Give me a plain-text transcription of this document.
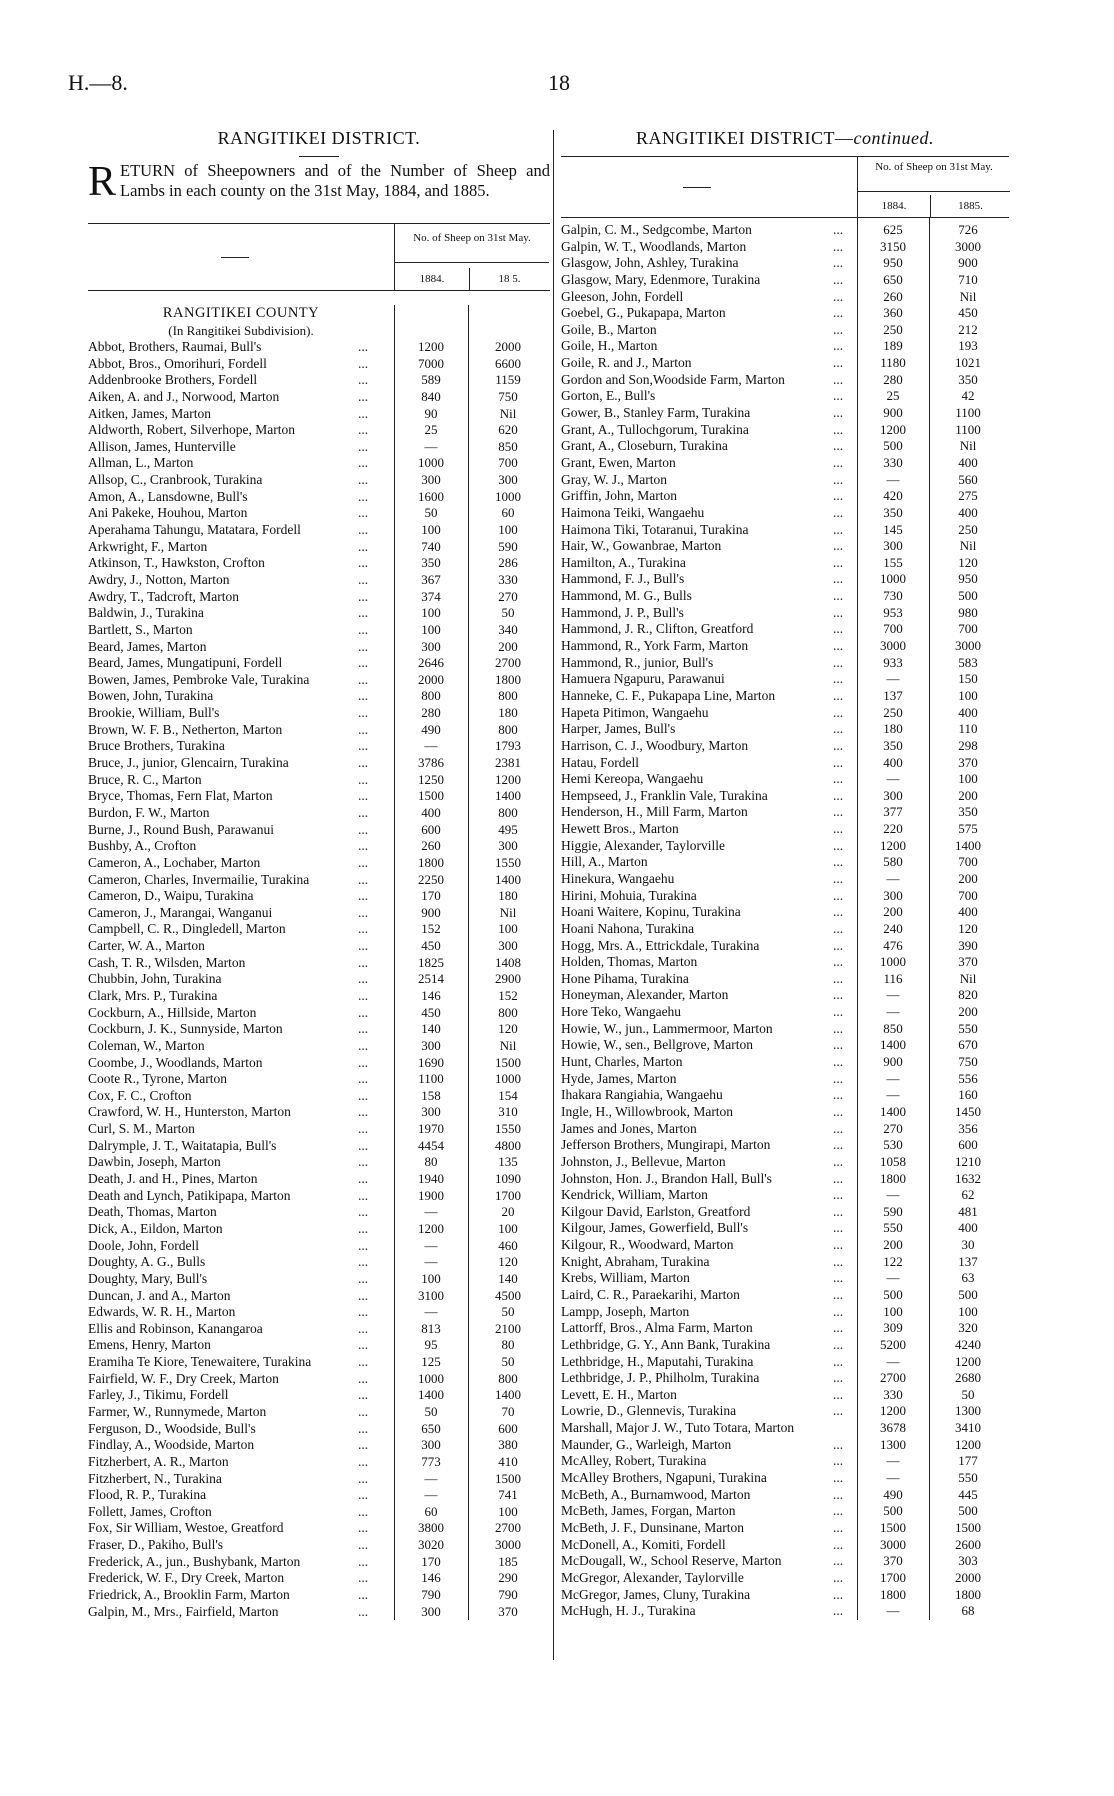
H.—8.	18
RANGITIKEI DISTRICT.
RETURN of Sheepowners and of the Number of Sheep and Lambs in each county on the 31st May, 1884, and 1885.
No. of Sheep on 31st May.
1884.	18 5.
RANGITIKEI COUNTY
(In Rangitikei Subdivision).
Abbot, Brothers, Raumai, Bull's	...	1200	2000
Abbot, Bros., Omorihuri, Fordell	...	7000	6600
Addenbrooke Brothers, Fordell	...	589	1159
Aiken, A. and J., Norwood, Marton	...	840	750
Aitken, James, Marton	...	90	Nil
Aldworth, Robert, Silverhope, Marton	...	25	620
Allison, James, Hunterville	...	—	850
Allman, L., Marton	...	1000	700
Allsop, C., Cranbrook, Turakina	...	300	300
Amon, A., Lansdowne, Bull's	...	1600	1000
Ani Pakeke, Houhou, Marton	...	50	60
Aperahama Tahungu, Matatara, Fordell	...	100	100
Arkwright, F., Marton	...	740	590
Atkinson, T., Hawkston, Crofton	...	350	286
Awdry, J., Notton, Marton	...	367	330
Awdry, T., Tadcroft, Marton	...	374	270
Baldwin, J., Turakina	...	100	50
Bartlett, S., Marton	...	100	340
Beard, James, Marton	...	300	200
Beard, James, Mungatipuni, Fordell	...	2646	2700
Bowen, James, Pembroke Vale, Turakina	...	2000	1800
Bowen, John, Turakina	...	800	800
Brookie, William, Bull's	...	280	180
Brown, W. F. B., Netherton, Marton	...	490	800
Bruce Brothers, Turakina	...	—	1793
Bruce, J., junior, Glencairn, Turakina	...	3786	2381
Bruce, R. C., Marton	...	1250	1200
Bryce, Thomas, Fern Flat, Marton	...	1500	1400
Burdon, F. W., Marton	...	400	800
Burne, J., Round Bush, Parawanui	...	600	495
Bushby, A., Crofton	...	260	300
Cameron, A., Lochaber, Marton	...	1800	1550
Cameron, Charles, Invermailie, Turakina	...	2250	1400
Cameron, D., Waipu, Turakina	...	170	180
Cameron, J., Marangai, Wanganui	...	900	Nil
Campbell, C. R., Dingledell, Marton	...	152	100
Carter, W. A., Marton	...	450	300
Cash, T. R., Wilsden, Marton	...	1825	1408
Chubbin, John, Turakina	...	2514	2900
Clark, Mrs. P., Turakina	...	146	152
Cockburn, A., Hillside, Marton	...	450	800
Cockburn, J. K., Sunnyside, Marton	...	140	120
Coleman, W., Marton	...	300	Nil
Coombe, J., Woodlands, Marton	...	1690	1500
Coote R., Tyrone, Marton	...	1100	1000
Cox, F. C., Crofton	...	158	154
Crawford, W. H., Hunterston, Marton	...	300	310
Curl, S. M., Marton	...	1970	1550
Dalrymple, J. T., Waitatapia, Bull's	...	4454	4800
Dawbin, Joseph, Marton	...	80	135
Death, J. and H., Pines, Marton	...	1940	1090
Death and Lynch, Patikipapa, Marton	...	1900	1700
Death, Thomas, Marton	...	—	20
Dick, A., Eildon, Marton	...	1200	100
Doole, John, Fordell	...	—	460
Doughty, A. G., Bulls	...	—	120
Doughty, Mary, Bull's	...	100	140
Duncan, J. and A., Marton	...	3100	4500
Edwards, W. R. H., Marton	...	—	50
Ellis and Robinson, Kanangaroa	...	813	2100
Emens, Henry, Marton	...	95	80
Eramiha Te Kiore, Tenewaitere, Turakina	...	125	50
Fairfield, W. F., Dry Creek, Marton	...	1000	800
Farley, J., Tikimu, Fordell	...	1400	1400
Farmer, W., Runnymede, Marton	...	50	70
Ferguson, D., Woodside, Bull's	...	650	600
Findlay, A., Woodside, Marton	...	300	380
Fitzherbert, A. R., Marton	...	773	410
Fitzherbert, N., Turakina	...	—	1500
Flood, R. P., Turakina	...	—	741
Follett, James, Crofton	...	60	100
Fox, Sir William, Westoe, Greatford	...	3800	2700
Fraser, D., Pakiho, Bull's	...	3020	3000
Frederick, A., jun., Bushybank, Marton	...	170	185
Frederick, W. F., Dry Creek, Marton	...	146	290
Friedrick, A., Brooklin Farm, Marton	...	790	790
Galpin, M., Mrs., Fairfield, Marton	...	300	370
RANGITIKEI DISTRICT—continued.
No. of Sheep on 31st May.
1884.	1885.
Galpin, C. M., Sedgcombe, Marton	...	625	726
Galpin, W. T., Woodlands, Marton	...	3150	3000
Glasgow, John, Ashley, Turakina	...	950	900
Glasgow, Mary, Edenmore, Turakina	...	650	710
Gleeson, John, Fordell	...	260	Nil
Goebel, G., Pukapapa, Marton	...	360	450
Goile, B., Marton	...	250	212
Goile, H., Marton	...	189	193
Goile, R. and J., Marton	...	1180	1021
Gordon and Son,Woodside Farm, Marton	...	280	350
Gorton, E., Bull's	...	25	42
Gower, B., Stanley Farm, Turakina	...	900	1100
Grant, A., Tullochgorum, Turakina	...	1200	1100
Grant, A., Closeburn, Turakina	...	500	Nil
Grant, Ewen, Marton	...	330	400
Gray, W. J., Marton	...	—	560
Griffin, John, Marton	...	420	275
Haimona Teiki, Wangaehu	...	350	400
Haimona Tiki, Totaranui, Turakina	...	145	250
Hair, W., Gowanbrae, Marton	...	300	Nil
Hamilton, A., Turakina	...	155	120
Hammond, F. J., Bull's	...	1000	950
Hammond, M. G., Bulls	...	730	500
Hammond, J. P., Bull's	...	953	980
Hammond, J. R., Clifton, Greatford	...	700	700
Hammond, R., York Farm, Marton	...	3000	3000
Hammond, R., junior, Bull's	...	933	583
Hamuera Ngapuru, Parawanui	...	—	150
Hanneke, C. F., Pukapapa Line, Marton	...	137	100
Hapeta Pitimon, Wangaehu	...	250	400
Harper, James, Bull's	...	180	110
Harrison, C. J., Woodbury, Marton	...	350	298
Hatau, Fordell	...	400	370
Hemi Kereopa, Wangaehu	...	—	100
Hempseed, J., Franklin Vale, Turakina	...	300	200
Henderson, H., Mill Farm, Marton	...	377	350
Hewett Bros., Marton	...	220	575
Higgie, Alexander, Taylorville	...	1200	1400
Hill, A., Marton	...	580	700
Hinekura, Wangaehu	...	—	200
Hirini, Mohuia, Turakina	...	300	700
Hoani Waitere, Kopinu, Turakina	...	200	400
Hoani Nahona, Turakina	...	240	120
Hogg, Mrs. A., Ettrickdale, Turakina	...	476	390
Holden, Thomas, Marton	...	1000	370
Hone Pihama, Turakina	...	116	Nil
Honeyman, Alexander, Marton	...	—	820
Hore Teko, Wangaehu	...	—	200
Howie, W., jun., Lammermoor, Marton	...	850	550
Howie, W., sen., Bellgrove, Marton	...	1400	670
Hunt, Charles, Marton	...	900	750
Hyde, James, Marton	...	—	556
Ihakara Rangiahia, Wangaehu	...	—	160
Ingle, H., Willowbrook, Marton	...	1400	1450
James and Jones, Marton	...	270	356
Jefferson Brothers, Mungirapi, Marton	...	530	600
Johnston, J., Bellevue, Marton	...	1058	1210
Johnston, Hon. J., Brandon Hall, Bull's	...	1800	1632
Kendrick, William, Marton	...	—	62
Kilgour David, Earlston, Greatford	...	590	481
Kilgour, James, Gowerfield, Bull's	...	550	400
Kilgour, R., Woodward, Marton	...	200	30
Knight, Abraham, Turakina	...	122	137
Krebs, William, Marton	...	—	63
Laird, C. R., Paraekarihi, Marton	...	500	500
Lampp, Joseph, Marton	...	100	100
Lattorff, Bros., Alma Farm, Marton	...	309	320
Lethbridge, G. Y., Ann Bank, Turakina	...	5200	4240
Lethbridge, H., Maputahi, Turakina	...	—	1200
Lethbridge, J. P., Philholm, Turakina	...	2700	2680
Levett, E. H., Marton	...	330	50
Lowrie, D., Glennevis, Turakina	...	1200	1300
Marshall, Major J. W., Tuto Totara, Marton	3678	3410
Maunder, G., Warleigh, Marton	...	1300	1200
McAlley, Robert, Turakina	...	—	177
McAlley Brothers, Ngapuni, Turakina	...	—	550
McBeth, A., Burnamwood, Marton	...	490	445
McBeth, James, Forgan, Marton	...	500	500
McBeth, J. F., Dunsinane, Marton	...	1500	1500
McDonell, A., Komiti, Fordell	...	3000	2600
McDougall, W., School Reserve, Marton	...	370	303
McGregor, Alexander, Taylorville	...	1700	2000
McGregor, James, Cluny, Turakina	...	1800	1800
McHugh, H. J., Turakina	...	—	68
